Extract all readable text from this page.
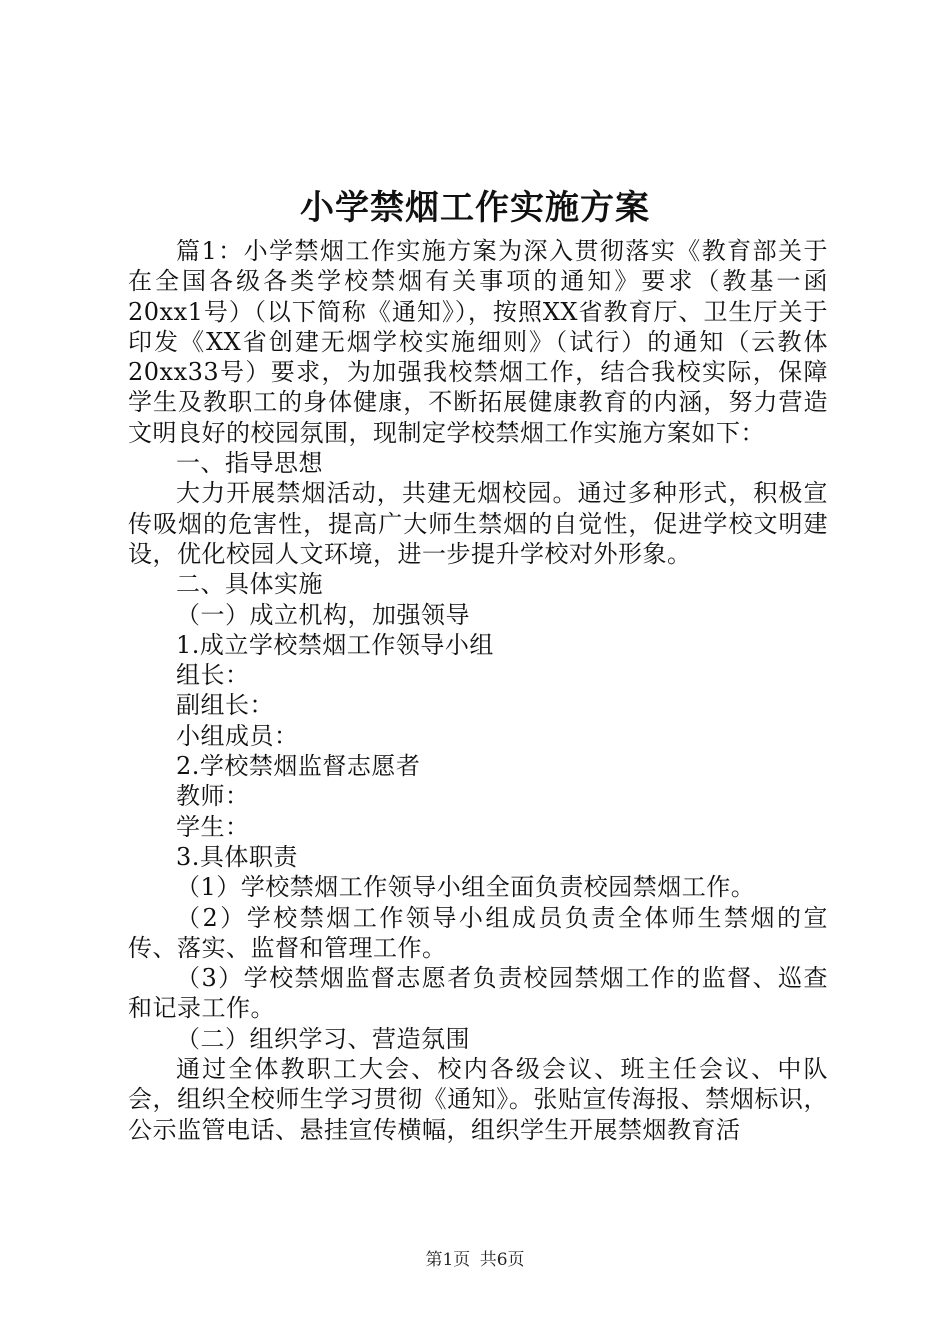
小学禁烟工作实施方案

篇1：小学禁烟工作实施方案为深入贯彻落实《教育部关于在全国各级各类学校禁烟有关事项的通知》要求（教基一函20xx1号）（以下简称《通知》），按照XX省教育厅、卫生厅关于印发《XX省创建无烟学校实施细则》（试行）的通知（云教体20xx33号）要求，为加强我校禁烟工作，结合我校实际，保障学生及教职工的身体健康，不断拓展健康教育的内涵，努力营造文明良好的校园氛围，现制定学校禁烟工作实施方案如下：

一、指导思想

大力开展禁烟活动，共建无烟校园。通过多种形式，积极宣传吸烟的危害性，提高广大师生禁烟的自觉性，促进学校文明建设，优化校园人文环境，进一步提升学校对外形象。

二、具体实施

（一）成立机构，加强领导

1.成立学校禁烟工作领导小组

组长：

副组长：

小组成员：

2.学校禁烟监督志愿者

教师：

学生：

3.具体职责

（1）学校禁烟工作领导小组全面负责校园禁烟工作。

（2）学校禁烟工作领导小组成员负责全体师生禁烟的宣传、落实、监督和管理工作。

（3）学校禁烟监督志愿者负责校园禁烟工作的监督、巡查和记录工作。

（二）组织学习、营造氛围

通过全体教职工大会、校内各级会议、班主任会议、中队会，组织全校师生学习贯彻《通知》。张贴宣传海报、禁烟标识，公示监管电话、悬挂宣传横幅，组织学生开展禁烟教育活

第1页 共6页
